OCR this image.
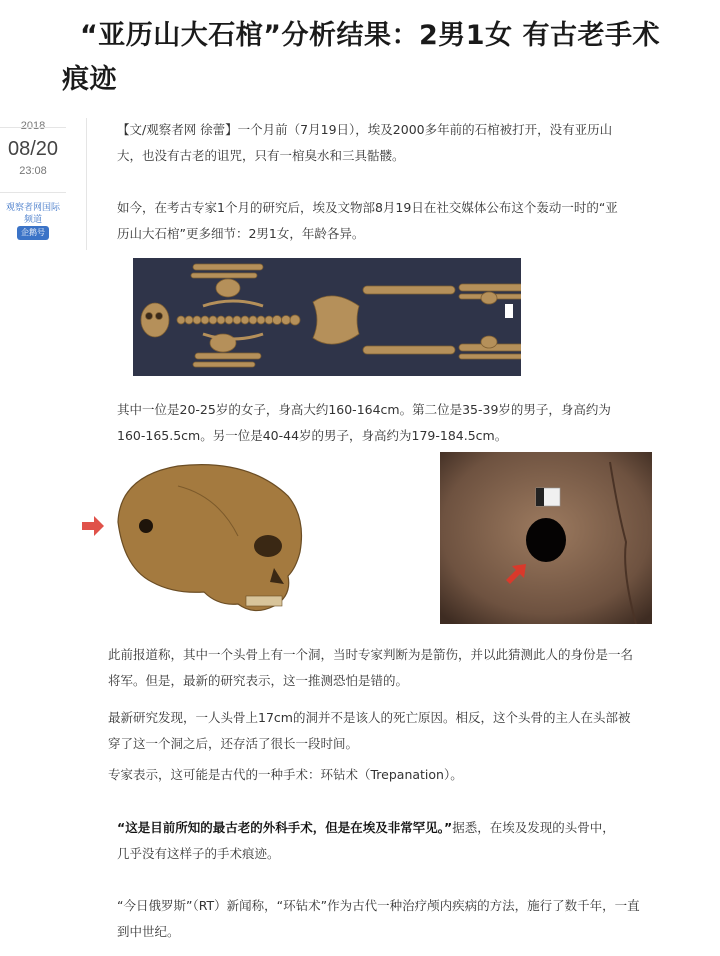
“亚历山大石棺”分析结果：2男1女 有古老手术
痕迹
2018
08/20
23:08
观察者网国际
频道
企鹅号

【文/观察者网 徐蕾】一个月前（7月19日），埃及2000多年前的石棺被打开，没有亚历山大，也没有古老的诅咒，只有一棺臭水和三具骷髅。

如今，在考古专家1个月的研究后，埃及文物部8月19日在社交媒体公布这个轰动一时的“亚历山大石棺”更多细节：2男1女，年龄各异。

其中一位是20-25岁的女子，身高大约160-164cm。第二位是35-39岁的男子，身高约为160-165.5cm。另一位是40-44岁的男子，身高约为179-184.5cm。

此前报道称，其中一个头骨上有一个洞，当时专家判断为是箭伤，并以此猜测此人的身份是一名将军。但是，最新的研究表示，这一推测恐怕是错的。

最新研究发现，一人头骨上17cm的洞并不是该人的死亡原因。相反，这个头骨的主人在头部被穿了这一个洞之后，还存活了很长一段时间。

专家表示，这可能是古代的一种手术：环钻术（Trepanation）。

“这是目前所知的最古老的外科手术，但是在埃及非常罕见。”据悉，在埃及发现的头骨中，几乎没有这样子的手术痕迹。

“今日俄罗斯”（RT）新闻称，“环钻术”作为古代一种治疗颅内疾病的方法，施行了数千年，一直到中世纪。
